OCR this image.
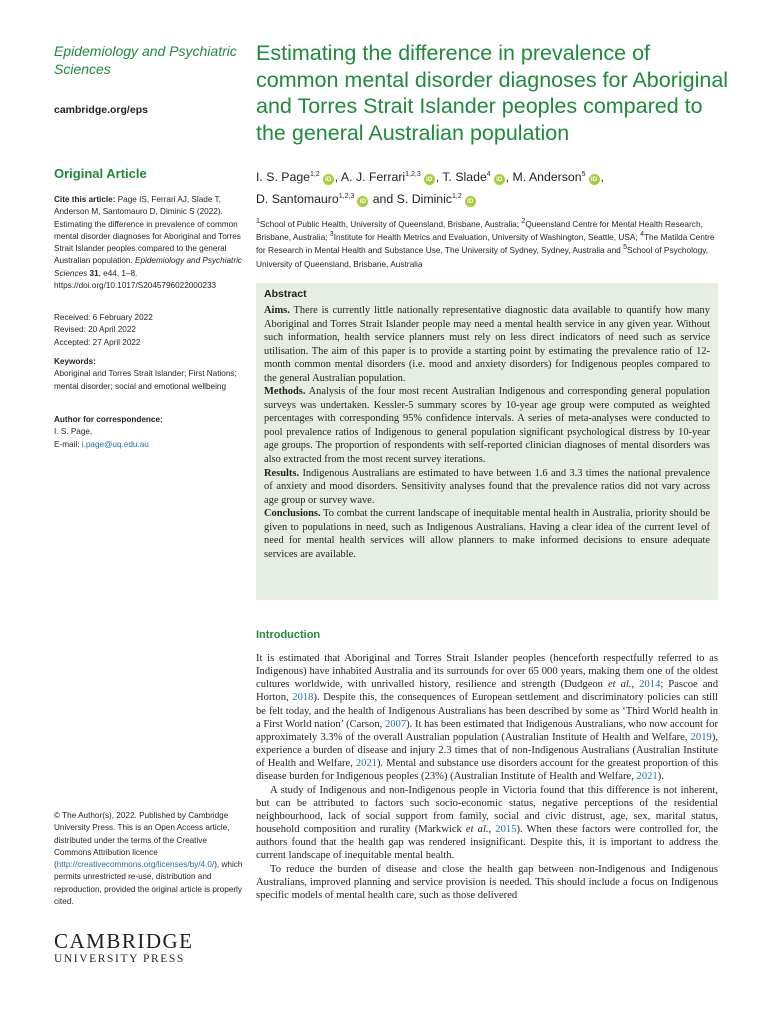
Epidemiology and Psychiatric Sciences
cambridge.org/eps
Original Article
Cite this article: Page IS, Ferrari AJ, Slade T, Anderson M, Santomauro D, Diminic S (2022). Estimating the difference in prevalence of common mental disorder diagnoses for Aboriginal and Torres Strait Islander peoples compared to the general Australian population. Epidemiology and Psychiatric Sciences 31, e44, 1–8. https://doi.org/10.1017/S2045796022000233
Received: 6 February 2022
Revised: 20 April 2022
Accepted: 27 April 2022
Keywords:
Aboriginal and Torres Strait Islander; First Nations; mental disorder; social and emotional wellbeing
Author for correspondence:
I. S. Page,
E-mail: i.page@uq.edu.au
© The Author(s), 2022. Published by Cambridge University Press. This is an Open Access article, distributed under the terms of the Creative Commons Attribution licence (http://creativecommons.org/licenses/by/4.0/), which permits unrestricted re-use, distribution and reproduction, provided the original article is properly cited.
CAMBRIDGE
UNIVERSITY PRESS
Estimating the difference in prevalence of common mental disorder diagnoses for Aboriginal and Torres Strait Islander peoples compared to the general Australian population
I. S. Page$^{1,2}$iD , A. J. Ferrari$^{1,2,3}$iD , T. Slade$^4$iD , M. Anderson$^5$iD ,
D. Santomauro$^{1,2,3}$iD and S. Diminic$^{1,2}$iD
$^1$School of Public Health, University of Queensland, Brisbane, Australia; $^2$Queensland Centre for Mental Health Research, Brisbane, Australia; $^3$Institute for Health Metrics and Evaluation, University of Washington, Seattle, USA; $^4$The Matilda Centre for Research in Mental Health and Substance Use, The University of Sydney, Sydney, Australia and $^5$School of Psychology, University of Queensland, Brisbane, Australia
Abstract
Aims. There is currently little nationally representative diagnostic data available to quantify how many Aboriginal and Torres Strait Islander people may need a mental health service in any given year. Without such information, health service planners must rely on less direct indicators of need such as service utilisation. The aim of this paper is to provide a starting point by estimating the prevalence ratio of 12-month common mental disorders (i.e. mood and anxiety disorders) for Indigenous peoples compared to the general Australian population.
Methods. Analysis of the four most recent Australian Indigenous and corresponding general population surveys was undertaken. Kessler-5 summary scores by 10-year age group were computed as weighted percentages with corresponding 95% confidence intervals. A series of meta-analyses were conducted to pool prevalence ratios of Indigenous to general population significant psychological distress by 10-year age groups. The proportion of respondents with self-reported clinician diagnoses of mental disorders was also extracted from the most recent survey iterations.
Results. Indigenous Australians are estimated to have between 1.6 and 3.3 times the national prevalence of anxiety and mood disorders. Sensitivity analyses found that the prevalence ratios did not vary across age group or survey wave.
Conclusions. To combat the current landscape of inequitable mental health in Australia, priority should be given to populations in need, such as Indigenous Australians. Having a clear idea of the current level of need for mental health services will allow planners to make informed decisions to ensure adequate services are available.
Introduction

It is estimated that Aboriginal and Torres Strait Islander peoples (henceforth respectfully referred to as Indigenous) have inhabited Australia and its surrounds for over 65 000 years, making them one of the oldest cultures worldwide, with unrivalled history, resilience and strength (Dudgeon et al., 2014; Pascoe and Horton, 2018). Despite this, the consequences of European settlement and discriminatory policies can still be felt today, and the health of Indigenous Australians has been described by some as ‘Third World health in a First World nation’ (Carson, 2007). It has been estimated that Indigenous Australians, who now account for approximately 3.3% of the overall Australian population (Australian Institute of Health and Welfare, 2019), experience a burden of disease and injury 2.3 times that of non-Indigenous Australians (Australian Institute of Health and Welfare, 2021). Mental and substance use disorders account for the greatest proportion of this disease burden for Indigenous peoples (23%) (Australian Institute of Health and Welfare, 2021).

A study of Indigenous and non-Indigenous people in Victoria found that this difference is not inherent, but can be attributed to factors such socio-economic status, negative perceptions of the residential neighbourhood, lack of social support from family, social and civic distrust, age, sex, marital status, household composition and rurality (Markwick et al., 2015). When these factors were controlled for, the authors found that the health gap was rendered insignificant. Despite this, it is important to address the current landscape of inequitable mental health.

To reduce the burden of disease and close the health gap between non-Indigenous and Indigenous Australians, improved planning and service provision is needed. This should include a focus on Indigenous specific models of mental health care, such as those delivered
